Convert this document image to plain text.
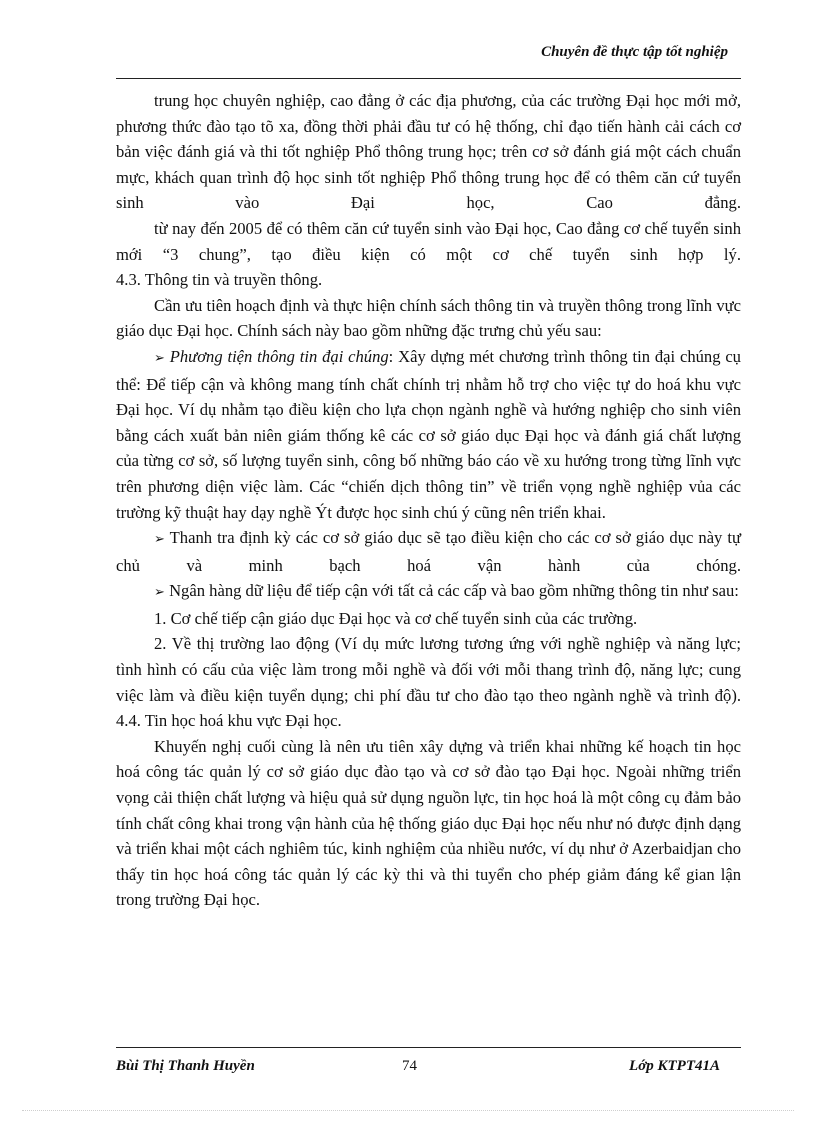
Chuyên đề thực tập tốt nghiệp

trung học chuyên nghiệp, cao đẳng ở các địa phương, của các trường Đại học mới mở, phương thức đào tạo tõ xa, đồng thời phải đầu tư có hệ thống, chỉ đạo tiến hành cải cách cơ bản việc đánh giá và thi tốt nghiệp Phổ thông trung học; trên cơ sở đánh giá một cách chuẩn mực, khách quan trình độ học sinh tốt nghiệp Phổ thông trung học để có thêm căn cứ tuyển sinh vào Đại học, Cao đẳng.

từ nay đến 2005 để có thêm căn cứ tuyển sinh vào Đại học, Cao đẳng cơ chế tuyển sinh mới “3 chung”, tạo điều kiện có một cơ chế tuyển sinh hợp lý.

4.3. Thông tin và truyền thông.

Cần ưu tiên hoạch định và thực hiện chính sách thông tin và truyền thông trong lĩnh vực giáo dục Đại học. Chính sách này bao gồm những đặc trưng chủ yếu sau:

➢ Phương tiện thông tin đại chúng: Xây dựng mét chương trình thông tin đại chúng cụ thể: Để tiếp cận và không mang tính chất chính trị nhằm hỗ trợ cho việc tự do hoá khu vực Đại học. Ví dụ nhằm tạo điều kiện cho lựa chọn ngành nghề và hướng nghiệp cho sinh viên bằng cách xuất bản niên giám thống kê các cơ sở giáo dục Đại học và đánh giá chất lượng của từng cơ sở, số lượng tuyển sinh, công bố những báo cáo về xu hướng trong từng lĩnh vực trên phương diện việc làm. Các “chiến dịch thông tin” về triển vọng nghề nghiệp vủa các trường kỹ thuật hay dạy nghề Ýt được học sinh chú ý cũng nên triển khai.

➢ Thanh tra định kỳ các cơ sở giáo dục sẽ tạo điều kiện cho các cơ sở giáo dục này tự chủ và minh bạch hoá vận hành của chóng.

➢ Ngân hàng dữ liệu để tiếp cận với tất cả các cấp và bao gồm những thông tin như sau:

1. Cơ chế tiếp cận giáo dục Đại học và cơ chế tuyển sinh của các trường.

2. Về thị trường lao động (Ví dụ mức lương tương ứng với nghề nghiệp và năng lực; tình hình có cấu của việc làm trong mỗi nghề và đối với mỗi thang trình độ, năng lực; cung việc làm và điều kiện tuyển dụng; chi phí đầu tư cho đào tạo theo ngành nghề và trình độ).

4.4. Tin học hoá khu vực Đại học.

Khuyến nghị cuối cùng là nên ưu tiên xây dựng và triển khai những kế hoạch tin học hoá công tác quản lý cơ sở giáo dục đào tạo và cơ sở đào tạo Đại học. Ngoài những triển vọng cải thiện chất lượng và hiệu quả sử dụng nguồn lực, tin học hoá là một công cụ đảm bảo tính chất công khai trong vận hành của hệ thống giáo dục Đại học nếu như nó được định dạng và triển khai một cách nghiêm túc, kinh nghiệm của nhiều nước, ví dụ như ở Azerbaidjan cho thấy tin học hoá công tác quản lý các kỳ thi và thi tuyển cho phép giảm đáng kể gian lận trong trường Đại học.

Bùi Thị Thanh Huyền	74	Lớp KTPT41A
